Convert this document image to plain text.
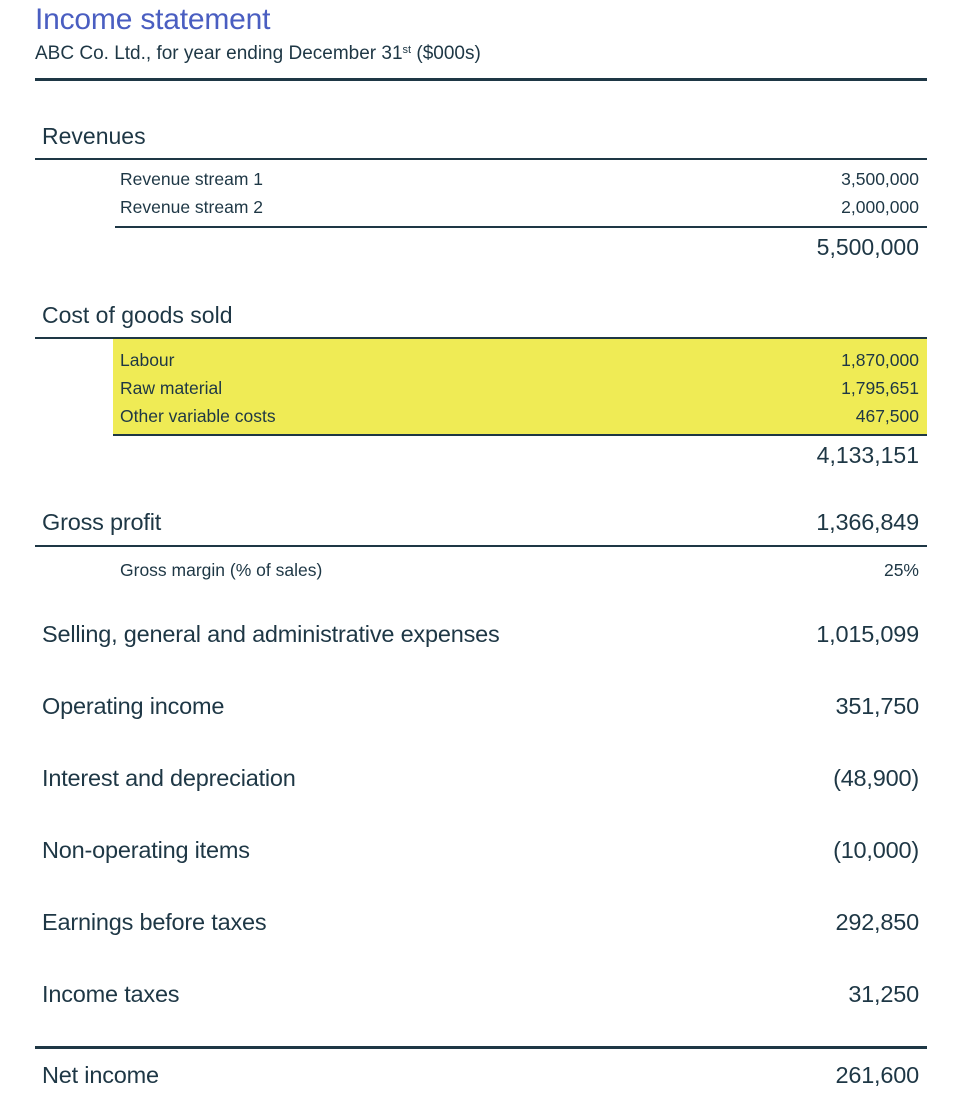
Income statement

ABC Co. Ltd., for year ending December 31st ($000s)

Revenues
Revenue stream 1	3,500,000
Revenue stream 2	2,000,000
5,500,000
Cost of goods sold
Labour	1,870,000
Raw material	1,795,651
Other variable costs	467,500
4,133,151
Gross profit	1,366,849
Gross margin (% of sales)	25%
Selling, general and administrative expenses	1,015,099
Operating income	351,750
Interest and depreciation	(48,900)
Non-operating items	(10,000)
Earnings before taxes	292,850
Income taxes	31,250
Net income	261,600
